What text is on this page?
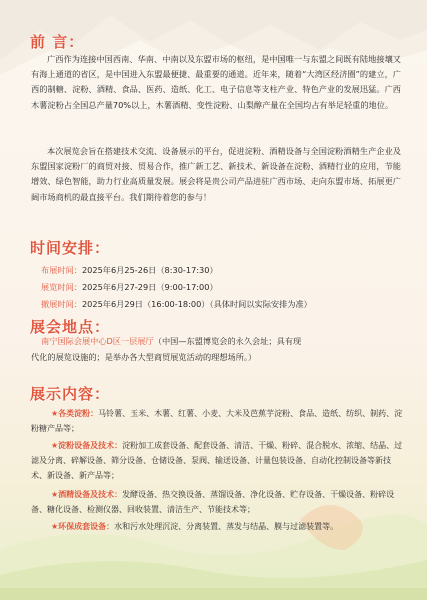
前 言：
广西作为连接中国西南、华南、中南以及东盟市场的枢纽，是中国唯一与东盟之间既有陆地接壤又有海上通道的省区，是中国进入东盟最便捷、最重要的通道。近年来，随着“大湾区经济圈”的建立，广西的制糖、淀粉、酒精、食品、医药、造纸、化工、电子信息等支柱产业、特色产业的发展迅猛。广西木薯淀粉占全国总产量70%以上，木薯酒精、变性淀粉、山梨醇产量在全国均占有举足轻重的地位。
本次展览会旨在搭建技术交流、设备展示的平台，促进淀粉、酒精设备与全国淀粉酒精生产企业及东盟国家淀粉厂的商贸对接、贸易合作，推广新工艺、新技术、新设备在淀粉、酒精行业的应用，节能增效、绿色智能，助力行业高质量发展。展会将是贵公司产品进驻广西市场、走向东盟市场、拓展更广阔市场商机的最直接平台。我们期待着您的参与！
时间安排：
布展时间：2025年6月25-26日（8:30-17:30）
展览时间：2025年6月27-29日（9:00-17:00）
撤展时间：2025年6月29日（16:00-18:00）（具体时间以实际安排为准）
展会地点：
南宁国际会展中心D区一层展厅（中国—东盟博览会的永久会址；具有现
代化的展览设施的；是举办各大型商贸展览活动的理想场所。）
展示内容：
★各类淀粉：马铃薯、玉米、木薯、红薯、小麦、大米及芭蕉芋淀粉、食品、造纸、纺织、制药、淀粉糖产品等；
★淀粉设备及技术：淀粉加工成套设备、配套设备、清洁、干燥、粉碎、混合脱水、浓缩、结晶、过滤及分离、碎解设备、筛分设备、仓储设备、泵阀、输送设备、计量包装设备、自动化控制设备等新技术、新设备、新产品等；
★酒精设备及技术：发酵设备、热交换设备、蒸馏设备、净化设备、贮存设备、干燥设备、粉碎设备、糖化设备、检测仪器、回收装置、清洁生产、节能技术等；
★环保成套设备：水和污水处理沉淀、分离装置、蒸发与结晶、膜与过滤装置等。
